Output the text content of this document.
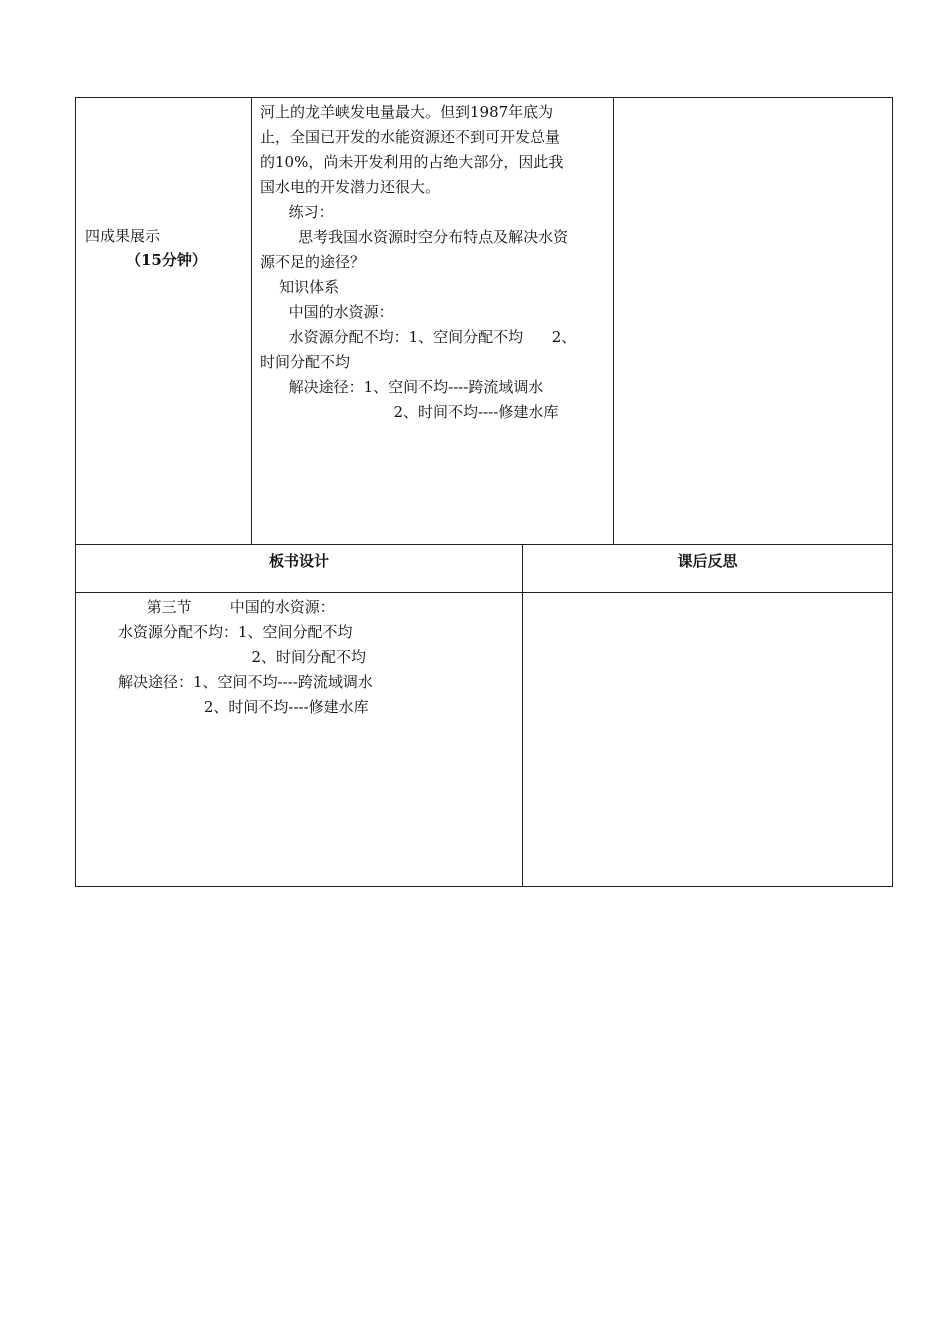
四成果展示
（15分钟）
河上的龙羊峡发电量最大。但到1987年底为
止，全国已开发的水能资源还不到可开发总量
的10%，尚未开发利用的占绝大部分，因此我
国水电的开发潜力还很大。
练习：
思考我国水资源时空分布特点及解决水资
源不足的途径？
知识体系
中国的水资源：
水资源分配不均：1、空间分配不均      2、
时间分配不均
解决途径：1、空间不均----跨流域调水
2、时间不均----修建水库
板书设计	课后反思
第三节        中国的水资源：
水资源分配不均：1、空间分配不均
2、时间分配不均
解决途径：1、空间不均----跨流域调水
2、时间不均----修建水库
